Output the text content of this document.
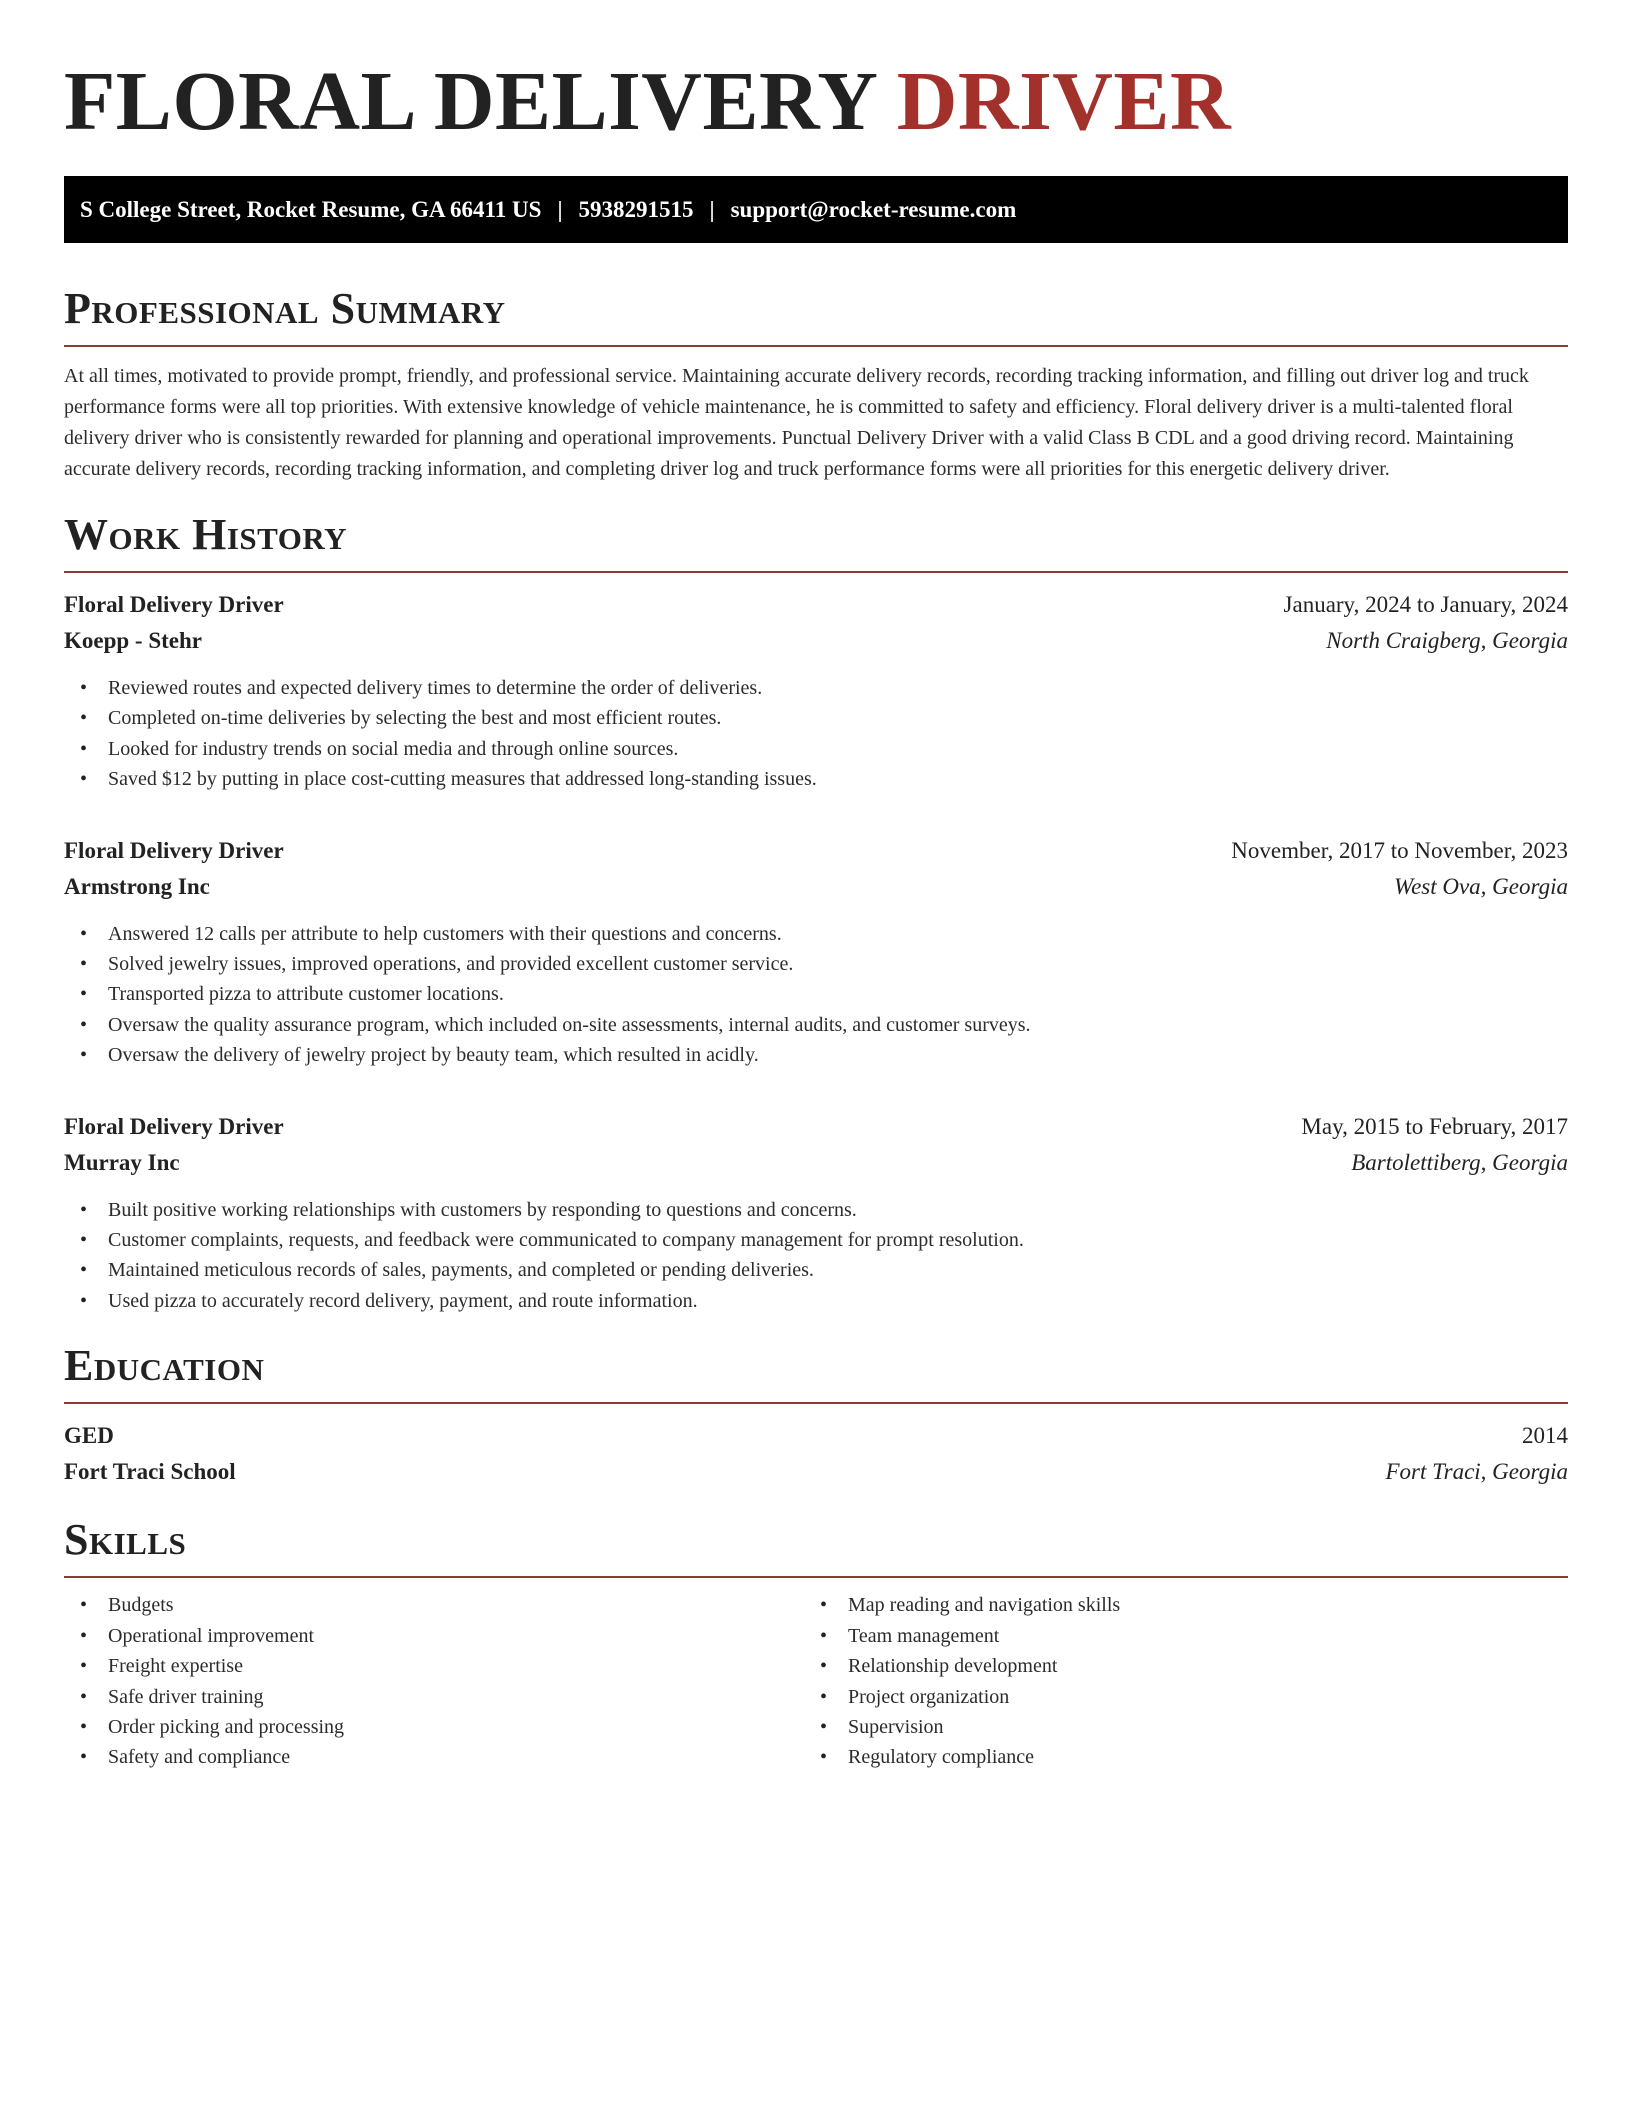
FLORAL DELIVERY DRIVER
S College Street, Rocket Resume, GA 66411 US | 5938291515 | support@rocket-resume.com
Professional Summary

At all times, motivated to provide prompt, friendly, and professional service. Maintaining accurate delivery records, recording tracking information, and filling out driver log and truck performance forms were all top priorities. With extensive knowledge of vehicle maintenance, he is committed to safety and efficiency. Floral delivery driver is a multi-talented floral delivery driver who is consistently rewarded for planning and operational improvements. Punctual Delivery Driver with a valid Class B CDL and a good driving record. Maintaining accurate delivery records, recording tracking information, and completing driver log and truck performance forms were all priorities for this energetic delivery driver.

Work History
Floral Delivery Driver	January, 2024 to January, 2024
Koepp - Stehr	North Craigberg, Georgia
• Reviewed routes and expected delivery times to determine the order of deliveries.
• Completed on-time deliveries by selecting the best and most efficient routes.
• Looked for industry trends on social media and through online sources.
• Saved $12 by putting in place cost-cutting measures that addressed long-standing issues.
Floral Delivery Driver	November, 2017 to November, 2023
Armstrong Inc	West Ova, Georgia
• Answered 12 calls per attribute to help customers with their questions and concerns.
• Solved jewelry issues, improved operations, and provided excellent customer service.
• Transported pizza to attribute customer locations.
• Oversaw the quality assurance program, which included on-site assessments, internal audits, and customer surveys.
• Oversaw the delivery of jewelry project by beauty team, which resulted in acidly.
Floral Delivery Driver	May, 2015 to February, 2017
Murray Inc	Bartolettiberg, Georgia
• Built positive working relationships with customers by responding to questions and concerns.
• Customer complaints, requests, and feedback were communicated to company management for prompt resolution.
• Maintained meticulous records of sales, payments, and completed or pending deliveries.
• Used pizza to accurately record delivery, payment, and route information.
Education
GED	2014
Fort Traci School	Fort Traci, Georgia
Skills
• Budgets
• Operational improvement
• Freight expertise
• Safe driver training
• Order picking and processing
• Safety and compliance
• Map reading and navigation skills
• Team management
• Relationship development
• Project organization
• Supervision
• Regulatory compliance
